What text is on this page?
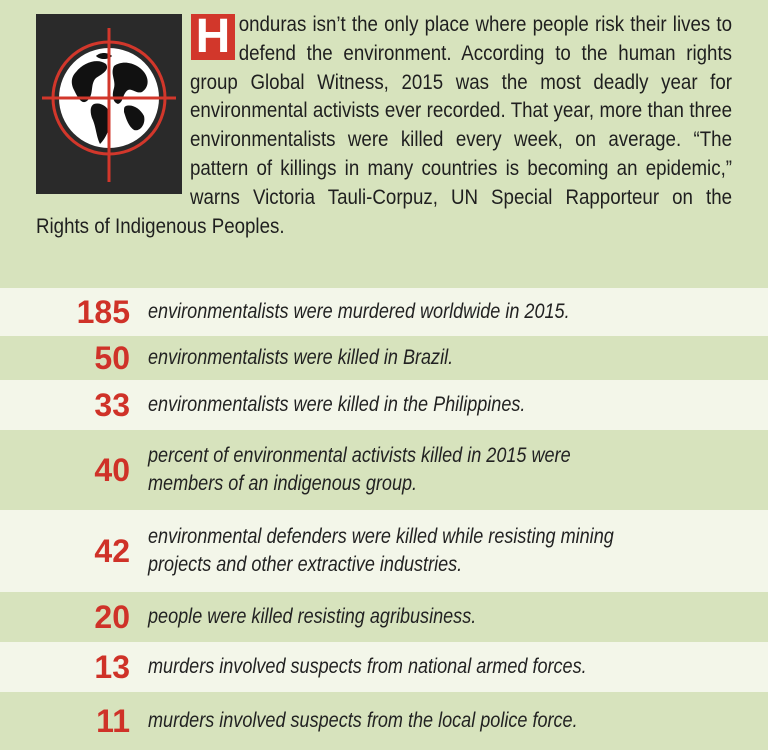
H onduras isn’t the only place where people risk their lives to defend the environment. According to the human rights group Global Witness, 2015 was the most deadly year for environmental activists ever recorded. That year, more than three environmentalists were killed every week, on average. “The pattern of killings in many countries is becoming an epidemic,” warns Victoria Tauli-Corpuz, UN Special Rapporteur on the Rights of Indigenous Peoples.

185 environmentalists were murdered worldwide in 2015.
50 environmentalists were killed in Brazil.
33 environmentalists were killed in the Philippines.
40 percent of environmental activists killed in 2015 were
members of an indigenous group.
42 environmental defenders were killed while resisting mining
projects and other extractive industries.
20 people were killed resisting agribusiness.
13 murders involved suspects from national armed forces.
11 murders involved suspects from the local police force.
